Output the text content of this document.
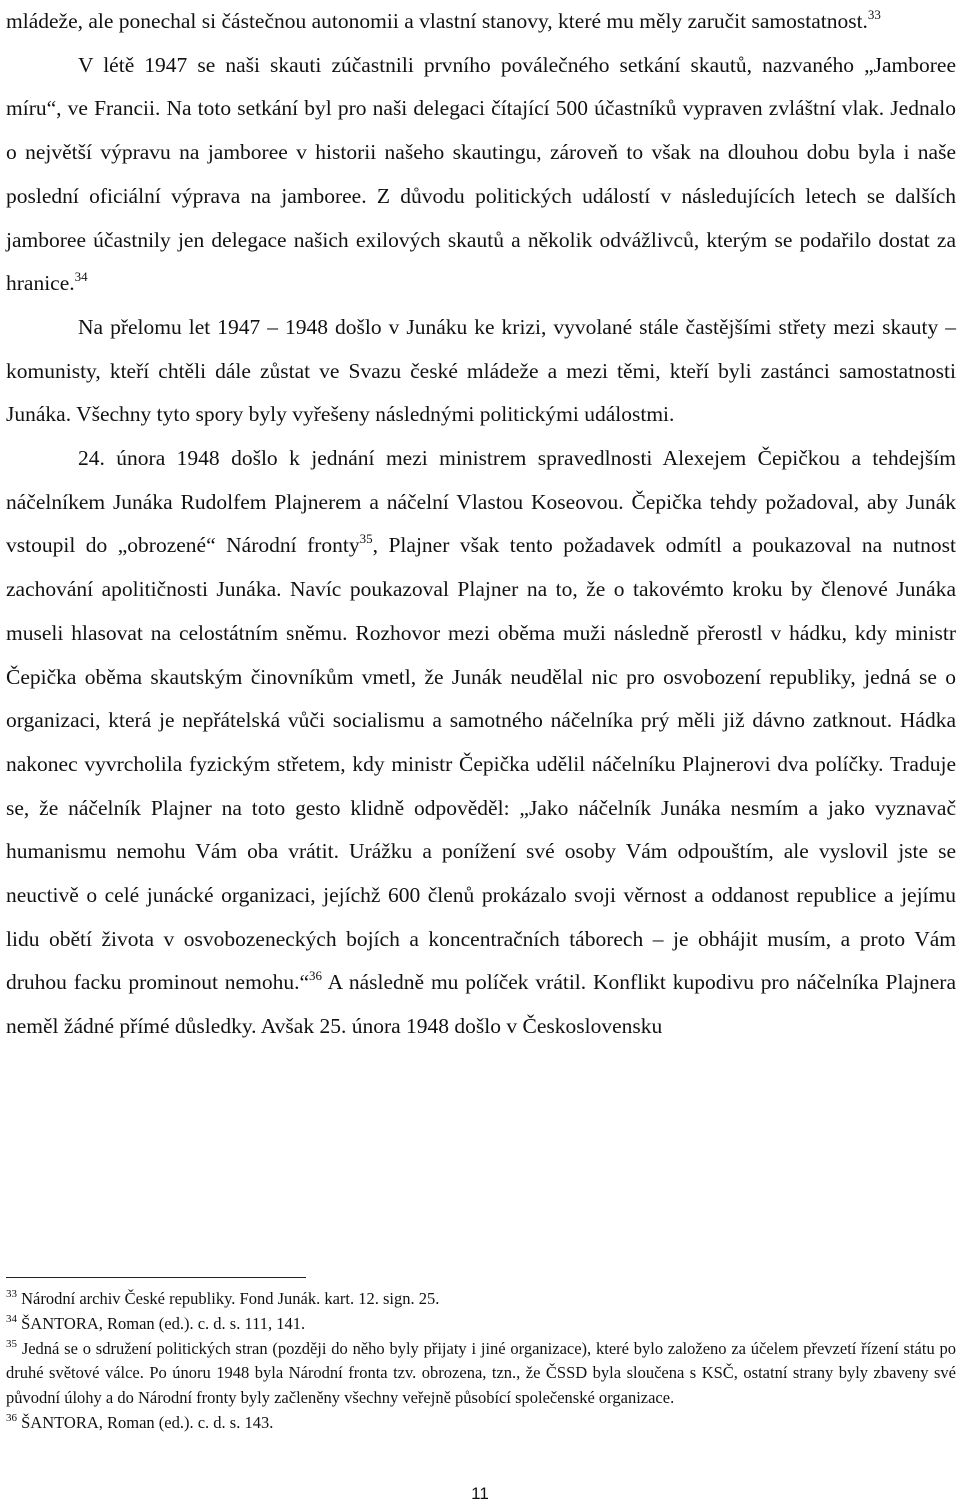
mládeže, ale ponechal si částečnou autonomii a vlastní stanovy, které mu měly zaručit samostatnost.$^{33}$

V létě 1947 se naši skauti zúčastnili prvního poválečného setkání skautů, nazvaného „Jamboree míru“, ve Francii. Na toto setkání byl pro naši delegaci čítající 500 účastníků vypraven zvláštní vlak. Jednalo o největší výpravu na jamboree v historii našeho skautingu, zároveň to však na dlouhou dobu byla i naše poslední oficiální výprava na jamboree. Z důvodu politických událostí v následujících letech se dalších jamboree účastnily jen delegace našich exilových skautů a několik odvážlivců, kterým se podařilo dostat za hranice.$^{34}$

Na přelomu let 1947 – 1948 došlo v Junáku ke krizi, vyvolané stále častějšími střety mezi skauty – komunisty, kteří chtěli dále zůstat ve Svazu české mládeže a mezi těmi, kteří byli zastánci samostatnosti Junáka. Všechny tyto spory byly vyřešeny následnými politickými událostmi.

24. února 1948 došlo k jednání mezi ministrem spravedlnosti Alexejem Čepičkou a tehdejším náčelníkem Junáka Rudolfem Plajnerem a náčelní Vlastou Koseovou. Čepička tehdy požadoval, aby Junák vstoupil do „obrozené“ Národní fronty$^{35}$, Plajner však tento požadavek odmítl a poukazoval na nutnost zachování apolitičnosti Junáka. Navíc poukazoval Plajner na to, že o takovémto kroku by členové Junáka museli hlasovat na celostátním sněmu. Rozhovor mezi oběma muži následně přerostl v hádku, kdy ministr Čepička oběma skautským činovníkům vmetl, že Junák neudělal nic pro osvobození republiky, jedná se o organizaci, která je nepřátelská vůči socialismu a samotného náčelníka prý měli již dávno zatknout. Hádka nakonec vyvrcholila fyzickým střetem, kdy ministr Čepička udělil náčelníku Plajnerovi dva políčky. Traduje se, že náčelník Plajner na toto gesto klidně odpověděl: „Jako náčelník Junáka nesmím a jako vyznavač humanismu nemohu Vám oba vrátit. Urážku a ponížení své osoby Vám odpouštím, ale vyslovil jste se neuctivě o celé junácké organizaci, jejíchž 600 členů prokázalo svoji věrnost a oddanost republice a jejímu lidu obětí života v osvobozeneckých bojích a koncentračních táborech – je obhájit musím, a proto Vám druhou facku prominout nemohu.“$^{36}$ A následně mu políček vrátil. Konflikt kupodivu pro náčelníka Plajnera neměl žádné přímé důsledky. Avšak 25. února 1948 došlo v Československu

$^{33}$ Národní archiv České republiky. Fond Junák. kart. 12. sign. 25.

$^{34}$ ŠANTORA, Roman (ed.). c. d. s. 111, 141.

$^{35}$ Jedná se o sdružení politických stran (později do něho byly přijaty i jiné organizace), které bylo založeno za účelem převzetí řízení státu po druhé světové válce. Po únoru 1948 byla Národní fronta tzv. obrozena, tzn., že ČSSD byla sloučena s KSČ, ostatní strany byly zbaveny své původní úlohy a do Národní fronty byly začleněny všechny veřejně působící společenské organizace.

$^{36}$ ŠANTORA, Roman (ed.). c. d. s. 143.

11
